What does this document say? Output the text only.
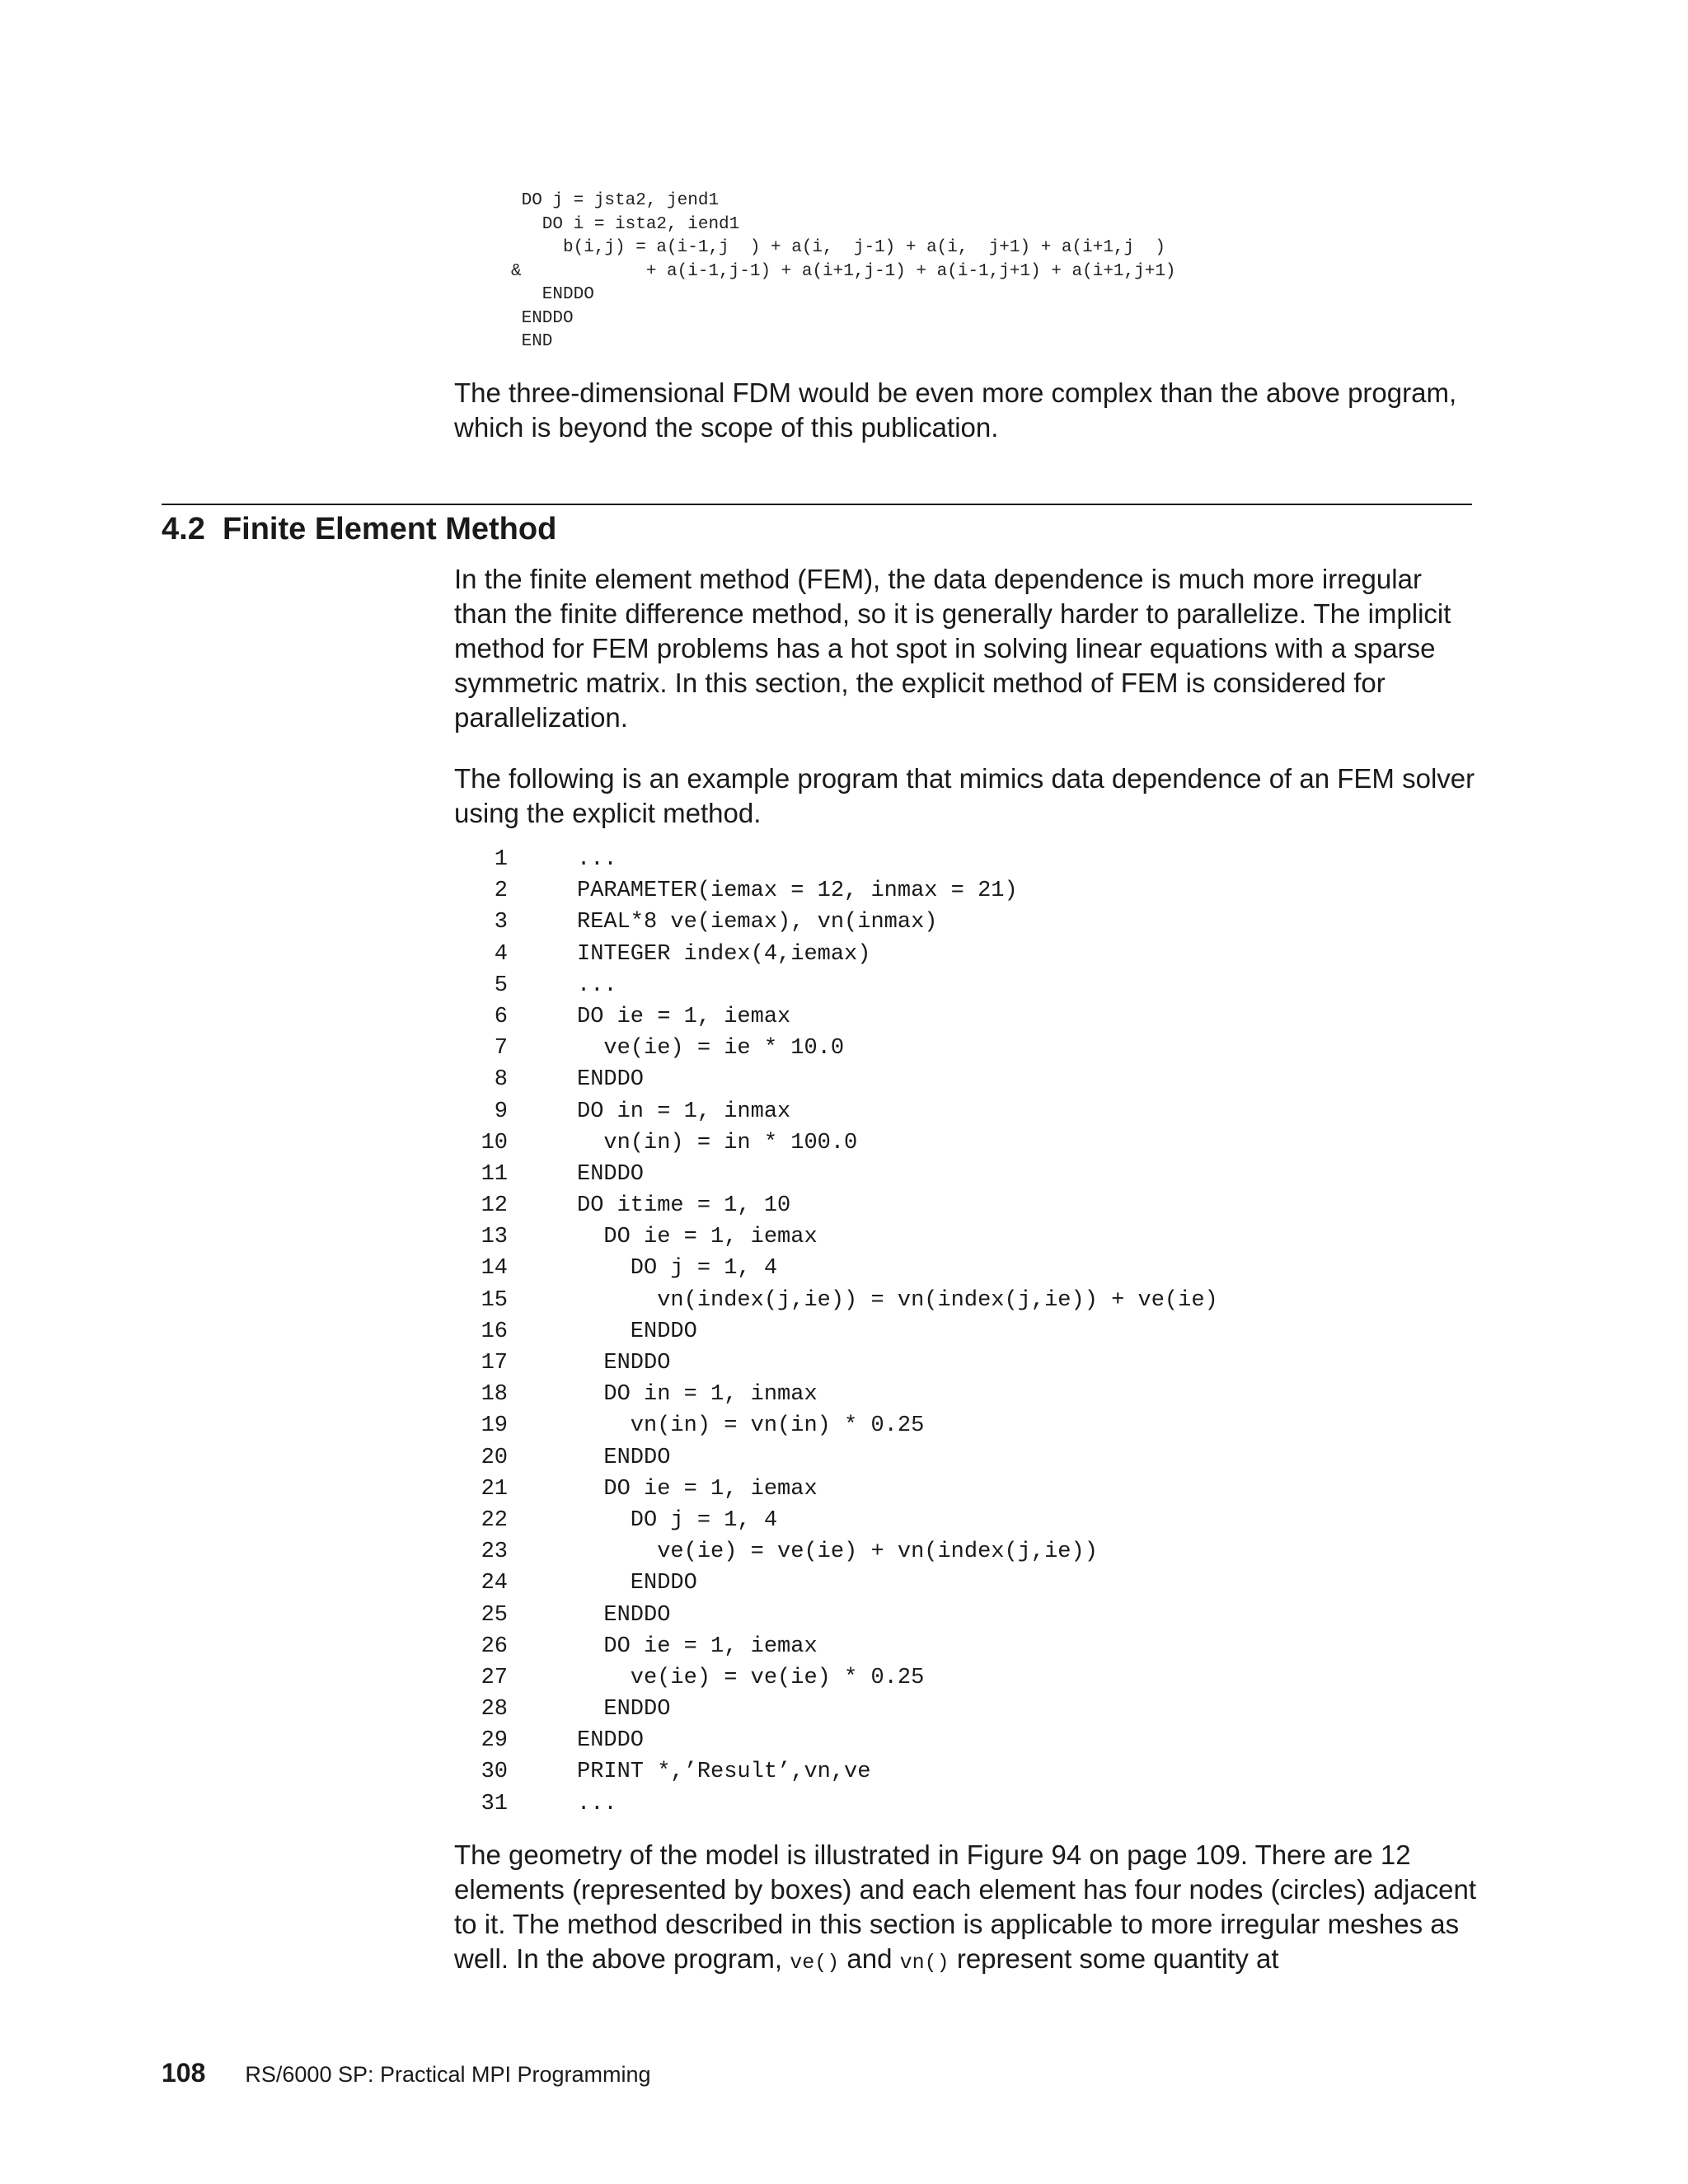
DO j = jsta2, jend1
DO i = ista2, iend1
b(i,j) = a(i-1,j  ) + a(i,  j-1) + a(i,  j+1) + a(i+1,j  )
&            + a(i-1,j-1) + a(i+1,j-1) + a(i-1,j+1) + a(i+1,j+1)
ENDDO
ENDDO
END
The three-dimensional FDM would be even more complex than the above program, which is beyond the scope of this publication.
4.2 Finite Element Method
In the finite element method (FEM), the data dependence is much more irregular than the finite difference method, so it is generally harder to parallelize. The implicit method for FEM problems has a hot spot in solving linear equations with a sparse symmetric matrix. In this section, the explicit method of FEM is considered for parallelization.
The following is an example program that mimics data dependence of an FEM solver using the explicit method.
1	...
2	PARAMETER(iemax = 12, inmax = 21)
3	REAL*8 ve(iemax), vn(inmax)
4	INTEGER index(4,iemax)
5	...
6	DO ie = 1, iemax
7	ve(ie) = ie * 10.0
8	ENDDO
9	DO in = 1, inmax
10	vn(in) = in * 100.0
11	ENDDO
12	DO itime = 1, 10
13	DO ie = 1, iemax
14	DO j = 1, 4
15	vn(index(j,ie)) = vn(index(j,ie)) + ve(ie)
16	ENDDO
17	ENDDO
18	DO in = 1, inmax
19	vn(in) = vn(in) * 0.25
20	ENDDO
21	DO ie = 1, iemax
22	DO j = 1, 4
23	ve(ie) = ve(ie) + vn(index(j,ie))
24	ENDDO
25	ENDDO
26	DO ie = 1, iemax
27	ve(ie) = ve(ie) * 0.25
28	ENDDO
29	ENDDO
30	PRINT *,’Result’,vn,ve
31	...
The geometry of the model is illustrated in Figure 94 on page 109. There are 12 elements (represented by boxes) and each element has four nodes (circles) adjacent to it. The method described in this section is applicable to more irregular meshes as well. In the above program, ve() and vn() represent some quantity at
108 RS/6000 SP: Practical MPI Programming
